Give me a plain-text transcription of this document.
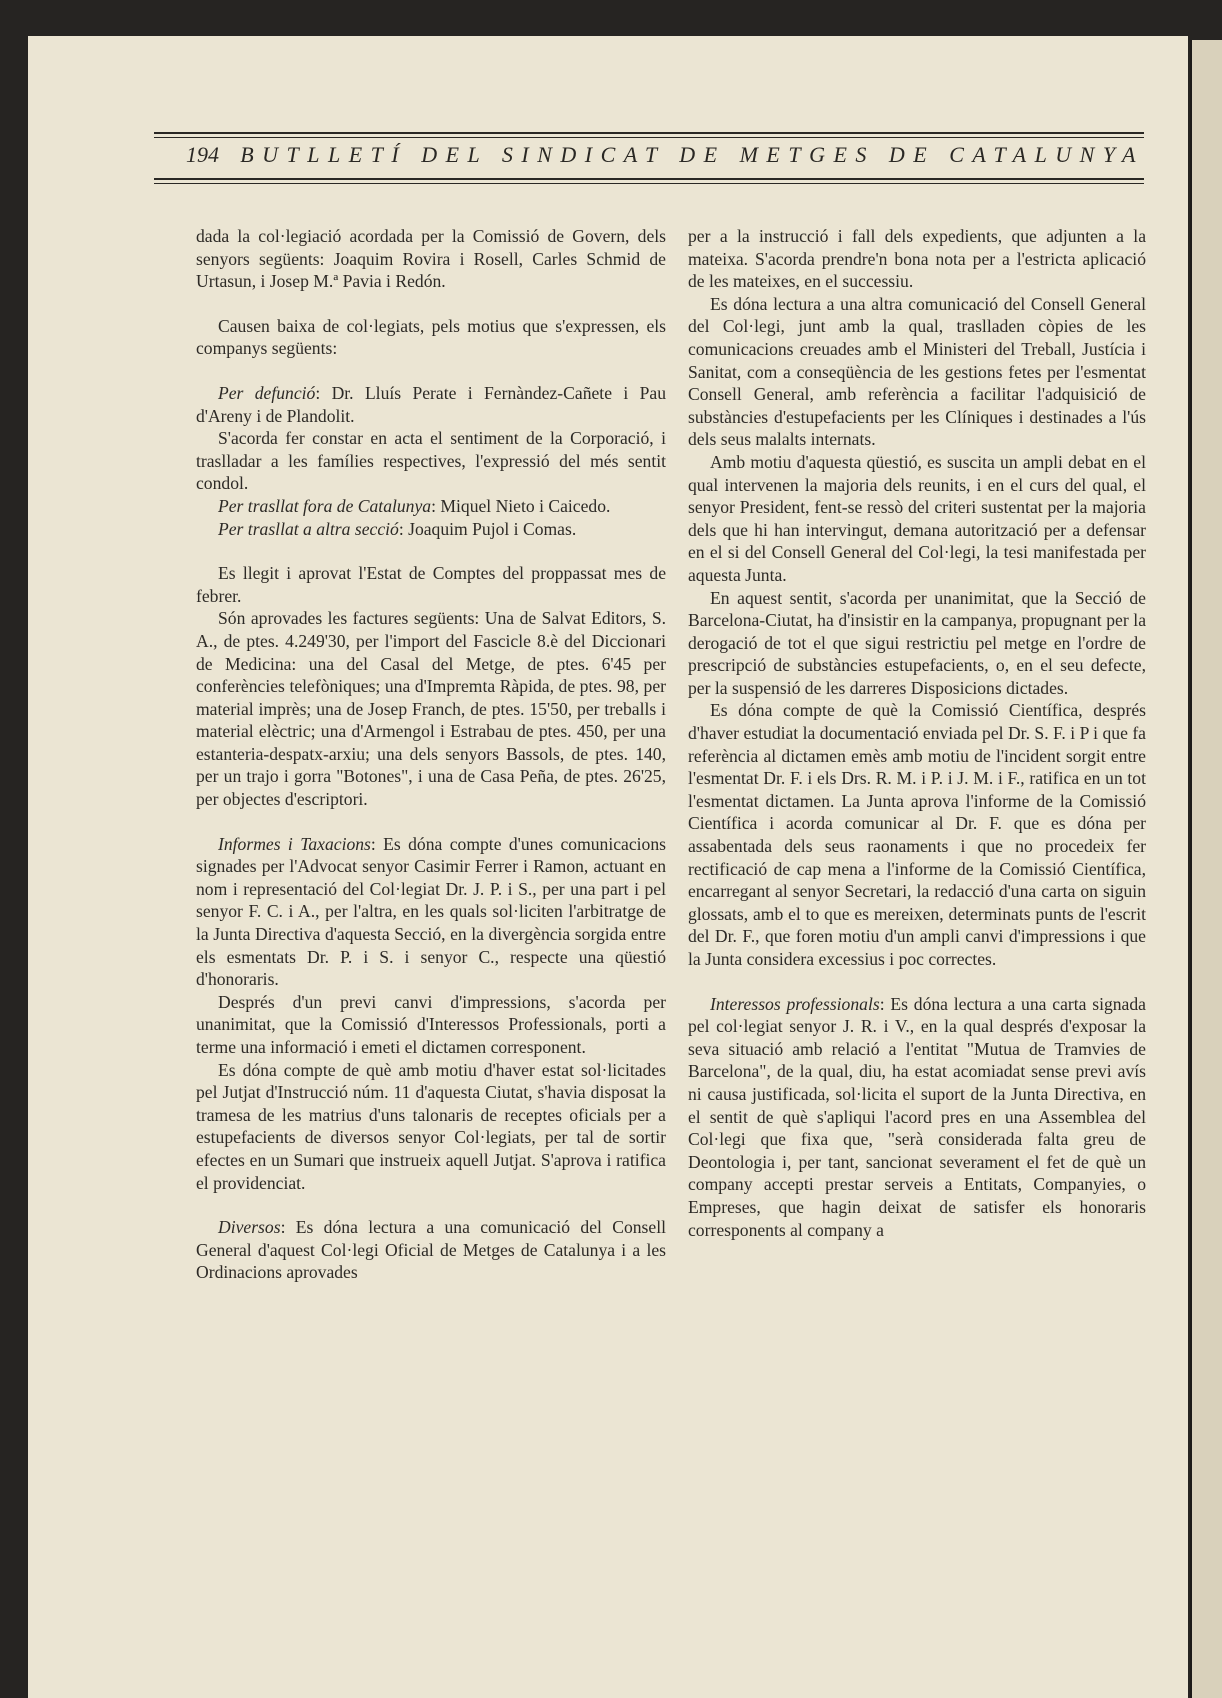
194 BUTLLETÍ DEL SINDICAT DE METGES DE CATALUNYA

dada la col·legiació acordada per la Comissió de Govern, dels senyors següents: Joaquim Rovira i Rosell, Carles Schmid de Urtasun, i Josep M.ª Pavia i Redón.

Causen baixa de col·legiats, pels motius que s'expressen, els companys següents:

Per defunció: Dr. Lluís Perate i Fernàndez-Cañete i Pau d'Areny i de Plandolit.

S'acorda fer constar en acta el sentiment de la Corporació, i traslladar a les famílies respectives, l'expressió del més sentit condol.

Per trasllat fora de Catalunya: Miquel Nieto i Caicedo.

Per trasllat a altra secció: Joaquim Pujol i Comas.

Es llegit i aprovat l'Estat de Comptes del proppassat mes de febrer.

Són aprovades les factures següents: Una de Salvat Editors, S. A., de ptes. 4.249'30, per l'import del Fascicle 8.è del Diccionari de Medicina: una del Casal del Metge, de ptes. 6'45 per conferències telefòniques; una d'Impremta Ràpida, de ptes. 98, per material imprès; una de Josep Franch, de ptes. 15'50, per treballs i material elèctric; una d'Armengol i Estrabau de ptes. 450, per una estanteria-despatx-arxiu; una dels senyors Bassols, de ptes. 140, per un trajo i gorra "Botones", i una de Casa Peña, de ptes. 26'25, per objectes d'escriptori.

Informes i Taxacions: Es dóna compte d'unes comunicacions signades per l'Advocat senyor Casimir Ferrer i Ramon, actuant en nom i representació del Col·legiat Dr. J. P. i S., per una part i pel senyor F. C. i A., per l'altra, en les quals sol·liciten l'arbitratge de la Junta Directiva d'aquesta Secció, en la divergència sorgida entre els esmentats Dr. P. i S. i senyor C., respecte una qüestió d'honoraris.

Després d'un previ canvi d'impressions, s'acorda per unanimitat, que la Comissió d'Interessos Professionals, porti a terme una informació i emeti el dictamen corresponent.

Es dóna compte de què amb motiu d'haver estat sol·licitades pel Jutjat d'Instrucció núm. 11 d'aquesta Ciutat, s'havia disposat la tramesa de les matrius d'uns talonaris de receptes oficials per a estupefacients de diversos senyor Col·legiats, per tal de sortir efectes en un Sumari que instrueix aquell Jutjat. S'aprova i ratifica el providenciat.

Diversos: Es dóna lectura a una comunicació del Consell General d'aquest Col·legi Oficial de Metges de Catalunya i a les Ordinacions aprovades

per a la instrucció i fall dels expedients, que adjunten a la mateixa. S'acorda prendre'n bona nota per a l'estricta aplicació de les mateixes, en el successiu.

Es dóna lectura a una altra comunicació del Consell General del Col·legi, junt amb la qual, traslladen còpies de les comunicacions creuades amb el Ministeri del Treball, Justícia i Sanitat, com a conseqüència de les gestions fetes per l'esmentat Consell General, amb referència a facilitar l'adquisició de substàncies d'estupefacients per les Clíniques i destinades a l'ús dels seus malalts internats.

Amb motiu d'aquesta qüestió, es suscita un ampli debat en el qual intervenen la majoria dels reunits, i en el curs del qual, el senyor President, fent-se ressò del criteri sustentat per la majoria dels que hi han intervingut, demana autorització per a defensar en el si del Consell General del Col·legi, la tesi manifestada per aquesta Junta.

En aquest sentit, s'acorda per unanimitat, que la Secció de Barcelona-Ciutat, ha d'insistir en la campanya, propugnant per la derogació de tot el que sigui restrictiu pel metge en l'ordre de prescripció de substàncies estupefacients, o, en el seu defecte, per la suspensió de les darreres Disposicions dictades.

Es dóna compte de què la Comissió Científica, després d'haver estudiat la documentació enviada pel Dr. S. F. i P i que fa referència al dictamen emès amb motiu de l'incident sorgit entre l'esmentat Dr. F. i els Drs. R. M. i P. i J. M. i F., ratifica en un tot l'esmentat dictamen. La Junta aprova l'informe de la Comissió Científica i acorda comunicar al Dr. F. que es dóna per assabentada dels seus raonaments i que no procedeix fer rectificació de cap mena a l'informe de la Comissió Científica, encarregant al senyor Secretari, la redacció d'una carta on siguin glossats, amb el to que es mereixen, determinats punts de l'escrit del Dr. F., que foren motiu d'un ampli canvi d'impressions i que la Junta considera excessius i poc correctes.

Interessos professionals: Es dóna lectura a una carta signada pel col·legiat senyor J. R. i V., en la qual després d'exposar la seva situació amb relació a l'entitat "Mutua de Tramvies de Barcelona", de la qual, diu, ha estat acomiadat sense previ avís ni causa justificada, sol·licita el suport de la Junta Directiva, en el sentit de què s'apliqui l'acord pres en una Assemblea del Col·legi que fixa que, "serà considerada falta greu de Deontologia i, per tant, sancionat severament el fet de què un company accepti prestar serveis a Entitats, Companyies, o Empreses, que hagin deixat de satisfer els honoraris corresponents al company a
